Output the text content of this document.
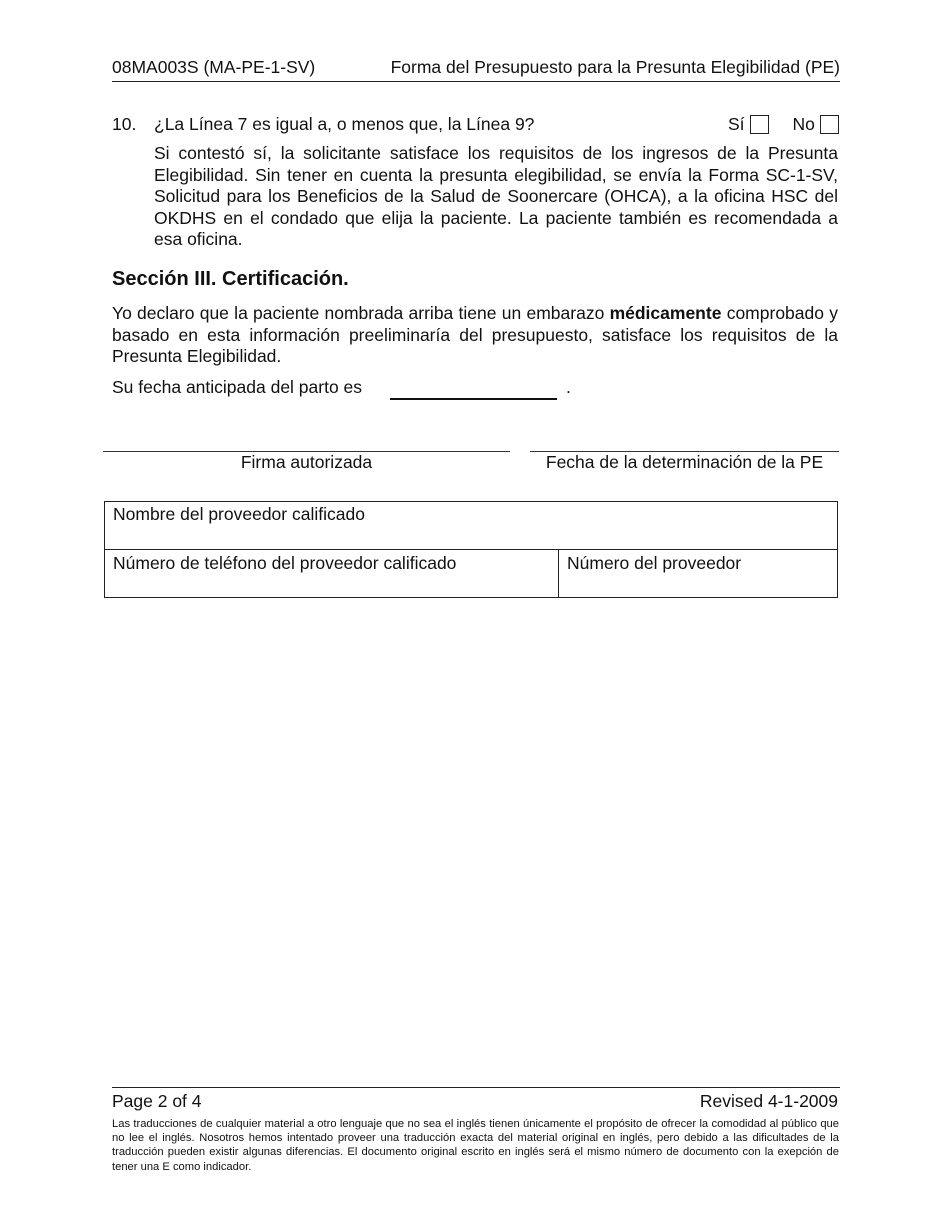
08MA003S (MA-PE-1-SV)	Forma del Presupuesto para la Presunta Elegibilidad (PE)
10. ¿La Línea 7 es igual a, o menos que, la Línea 9?	Sí	No
Si contestó sí, la solicitante satisface los requisitos de los ingresos de la Presunta Elegibilidad. Sin tener en cuenta la presunta elegibilidad, se envía la Forma SC-1-SV, Solicitud para los Beneficios de la Salud de Soonercare (OHCA), a la oficina HSC del OKDHS en el condado que elija la paciente. La paciente también es recomendada a esa oficina.
Sección III. Certificación.
Yo declaro que la paciente nombrada arriba tiene un embarazo médicamente comprobado y basado en esta información preeliminaría del presupuesto, satisface los requisitos de la Presunta Elegibilidad.
Su fecha anticipada del parto es	.
Firma autorizada	Fecha de la determinación de la PE
Nombre del proveedor calificado
Número de teléfono del proveedor calificado	Número del proveedor
Page 2 of 4	Revised 4-1-2009
Las traducciones de cualquier material a otro lenguaje que no sea el inglés tienen únicamente el propósito de ofrecer la comodidad al público que no lee el inglés. Nosotros hemos intentado proveer una traducción exacta del material original en inglés, pero debido a las dificultades de la traducción pueden existir algunas diferencias. El documento original escrito en inglés será el mismo número de documento con la exepción de tener una E como indicador.
